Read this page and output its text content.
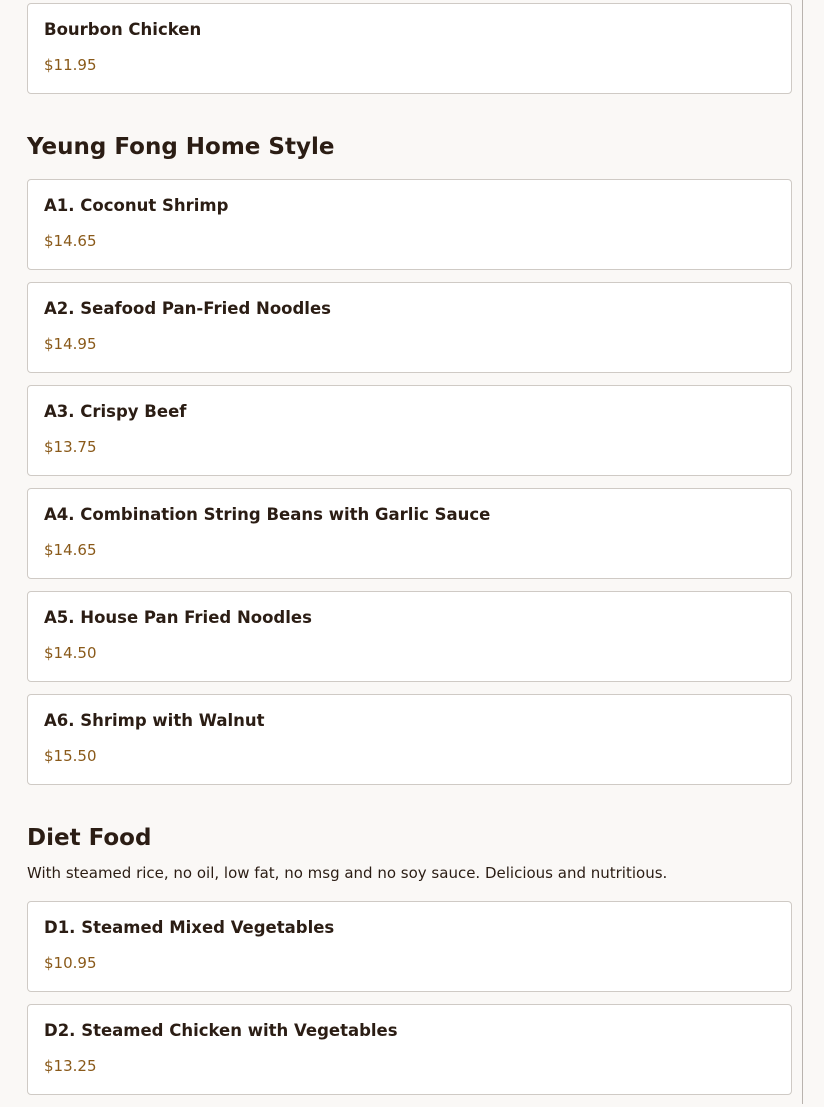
Bourbon Chicken
$11.95
Yeung Fong Home Style
A1. Coconut Shrimp
$14.65
A2. Seafood Pan-Fried Noodles
$14.95
A3. Crispy Beef
$13.75
A4. Combination String Beans with Garlic Sauce
$14.65
A5. House Pan Fried Noodles
$14.50
A6. Shrimp with Walnut
$15.50
Diet Food

With steamed rice, no oil, low fat, no msg and no soy sauce. Delicious and nutritious.

D1. Steamed Mixed Vegetables
$10.95
D2. Steamed Chicken with Vegetables
$13.25
